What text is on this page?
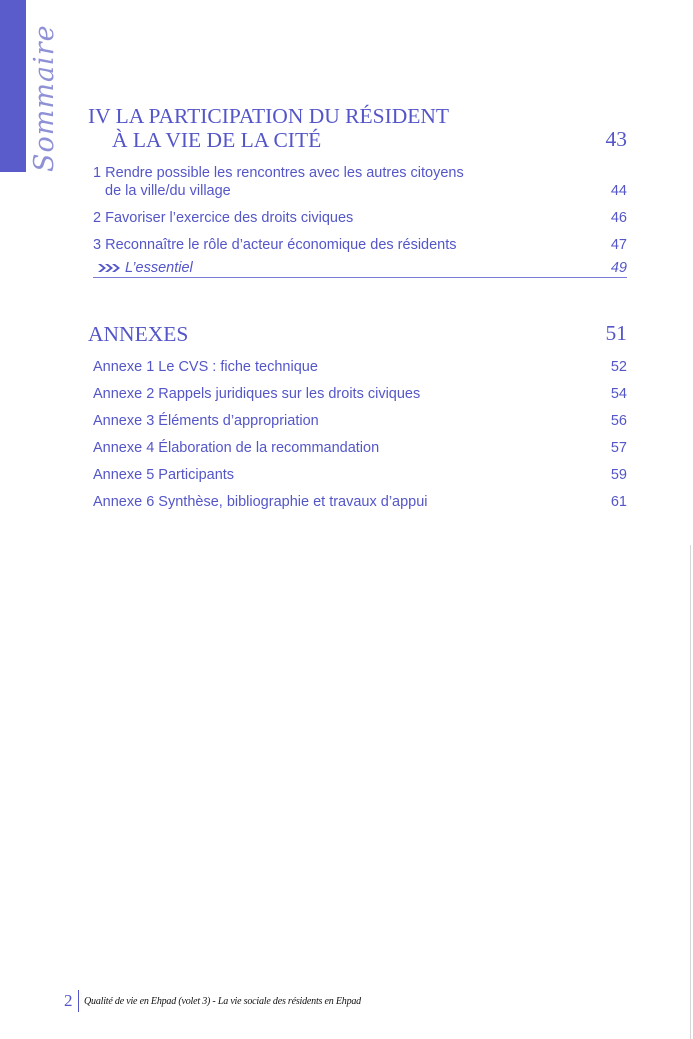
Sommaire IV LA PARTICIPATION DU RÉSIDENT
À LA VIE DE LA CITÉ	43
1 Rendre possible les rencontres avec les autres citoyens
de la ville/du village	44
2 Favoriser l’exercice des droits civiques	46
3 Reconnaître le rôle d’acteur économique des résidents	47
L’essentiel	49
ANNEXES	51
Annexe 1 Le CVS : fiche technique	52
Annexe 2 Rappels juridiques sur les droits civiques	54
Annexe 3 Éléments d’appropriation	56
Annexe 4 Élaboration de la recommandation	57
Annexe 5 Participants	59
Annexe 6 Synthèse, bibliographie et travaux d’appui	61
2 Qualité de vie en Ehpad (volet 3) - La vie sociale des résidents en Ehpad
